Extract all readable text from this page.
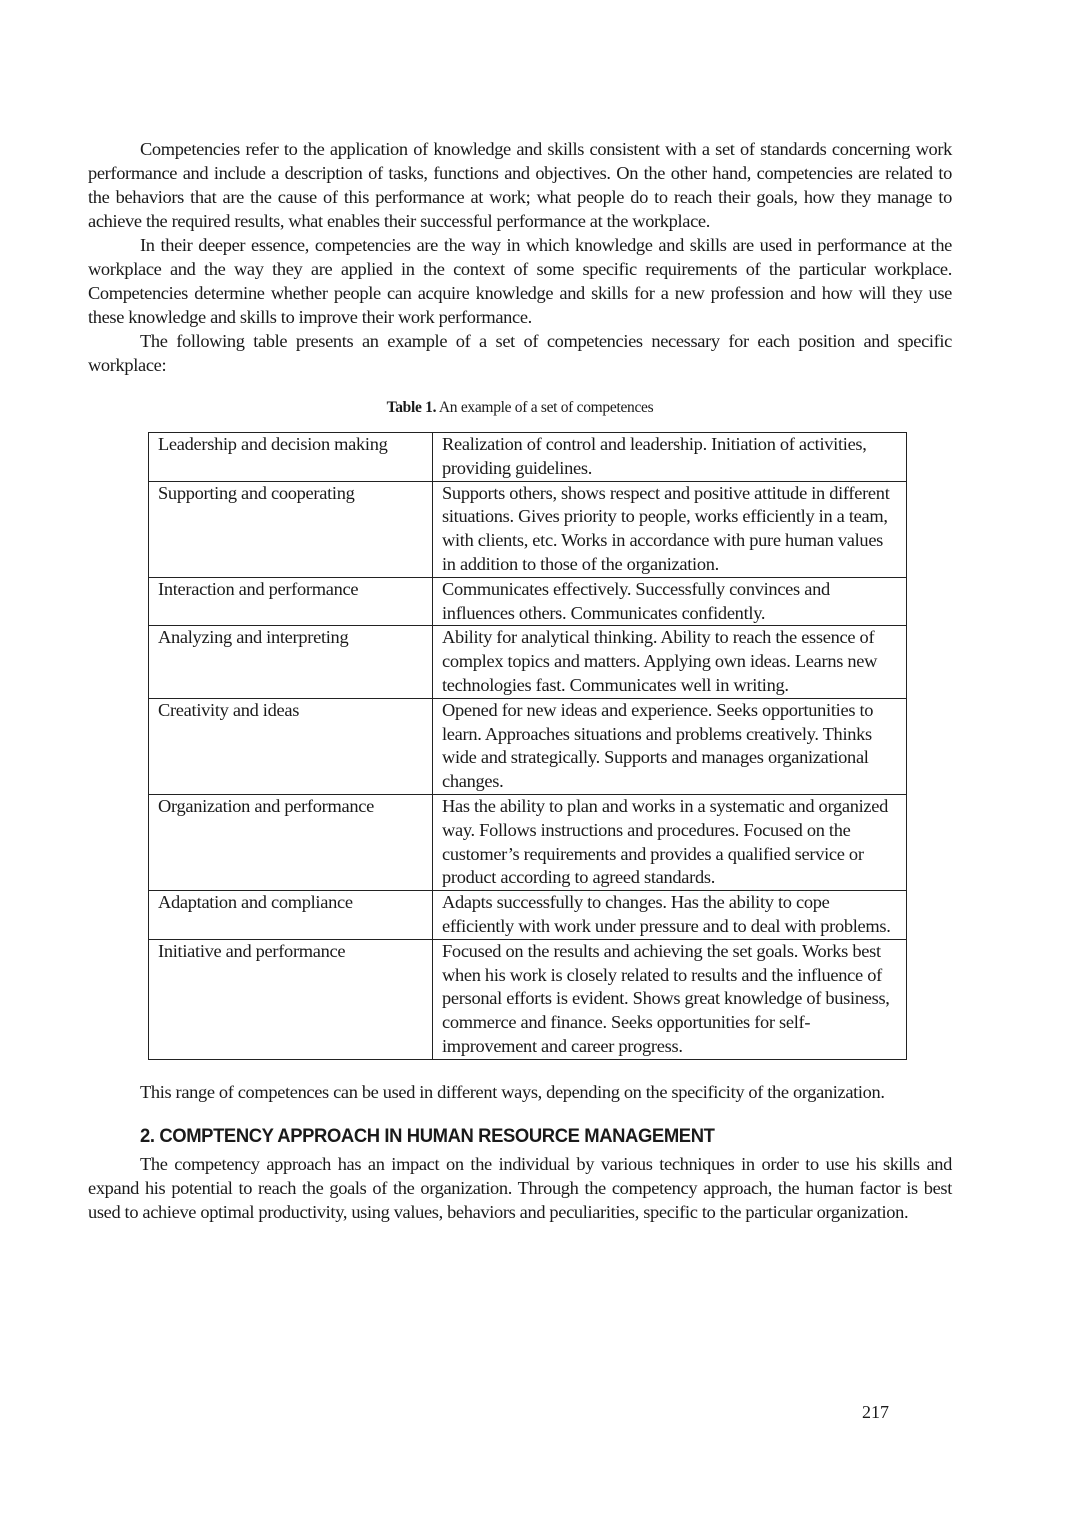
Competencies refer to the application of knowledge and skills consistent with a set of standards concerning work performance and include a description of tasks, functions and objectives. On the other hand, competencies are related to the behaviors that are the cause of this performance at work; what people do to reach their goals, how they manage to achieve the required results, what enables their successful performance at the workplace.

In their deeper essence, competencies are the way in which knowledge and skills are used in performance at the workplace and the way they are applied in the context of some specific requirements of the particular workplace. Competencies determine whether people can acquire knowledge and skills for a new profession and how will they use these knowledge and skills to improve their work performance.

The following table presents an example of a set of competencies necessary for each position and specific workplace:

Table 1. An example of a set of competences
Leadership and decision making	Realization of control and leadership. Initiation of activities, providing guidelines.
Supporting and cooperating	Supports others, shows respect and positive attitude in different situations. Gives priority to people, works efficiently in a team, with clients, etc. Works in accordance with pure human values in addition to those of the organization.
Interaction and performance	Communicates effectively. Successfully convinces and influences others. Communicates confidently.
Analyzing and interpreting	Ability for analytical thinking. Ability to reach the essence of complex topics and matters. Applying own ideas. Learns new technologies fast. Communicates well in writing.
Creativity and ideas	Opened for new ideas and experience. Seeks opportunities to learn. Approaches situations and problems creatively. Thinks wide and strategically. Supports and manages organizational changes.
Organization and performance	Has the ability to plan and works in a systematic and organized way. Follows instructions and procedures. Focused on the customer’s requirements and provides a qualified service or product according to agreed standards.
Adaptation and compliance	Adapts successfully to changes. Has the ability to cope efficiently with work under pressure and to deal with problems.
Initiative and performance	Focused on the results and achieving the set goals. Works best when his work is closely related to results and the influence of personal efforts is evident. Shows great knowledge of business, commerce and finance. Seeks opportunities for self-improvement and career progress.

This range of competences can be used in different ways, depending on the specificity of the organization.

2. COMPTENCY APPROACH IN HUMAN RESOURCE MANAGEMENT

The competency approach has an impact on the individual by various techniques in order to use his skills and expand his potential to reach the goals of the organization. Through the competency approach, the human factor is best used to achieve optimal productivity, using values, behaviors and peculiarities, specific to the particular organization.

217
